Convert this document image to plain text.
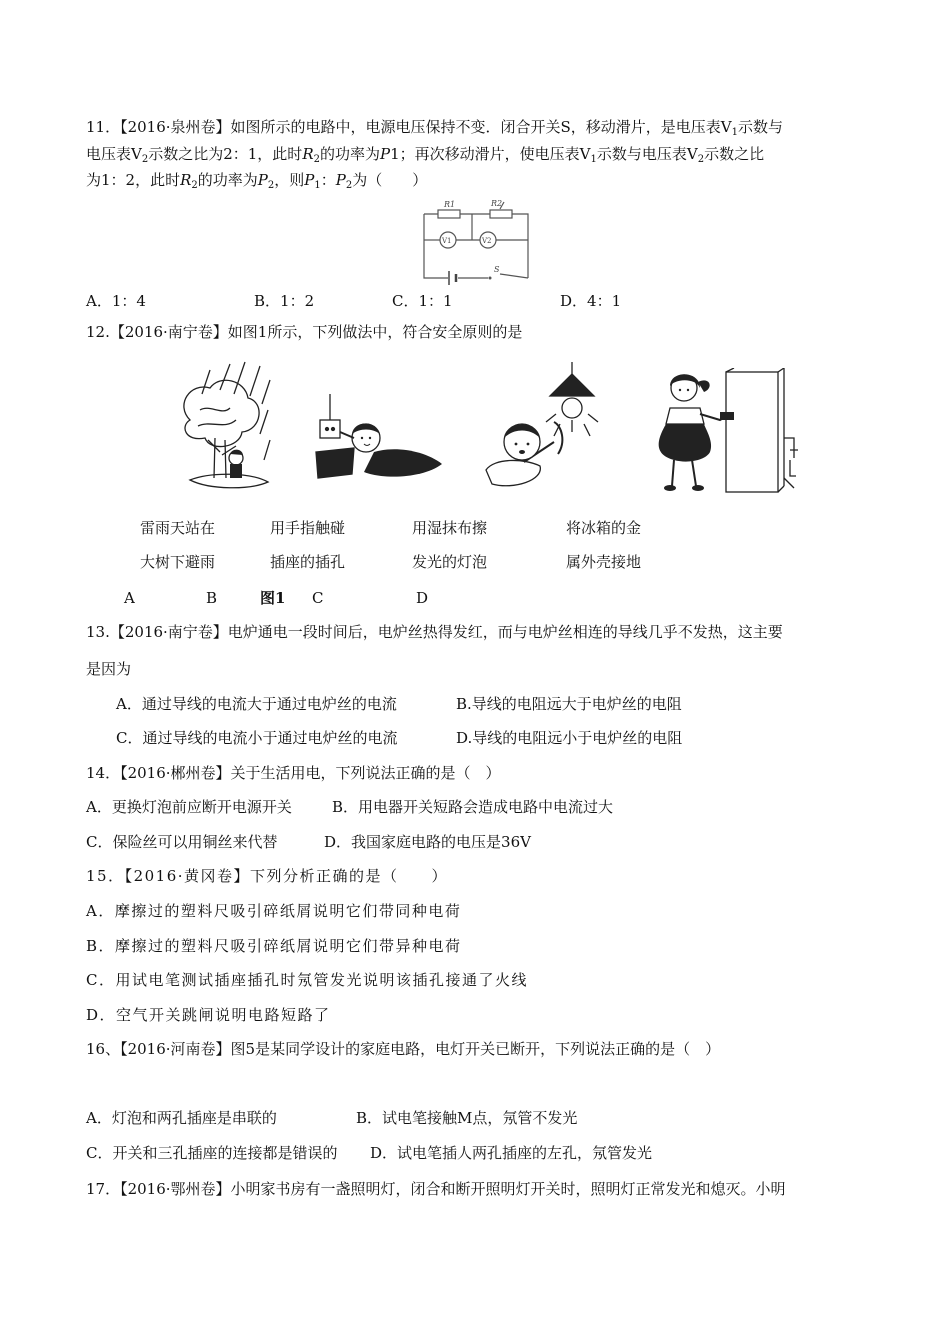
11．【2016·泉州卷】如图所示的电路中，电源电压保持不变．闭合开关S，移动滑片，是电压表$V_1$示数与
电压表$V_2$示数之比为2：1，此时$R_2$的功率为P1；再次移动滑片，使电压表$V_1$示数与电压表$V_2$示数之比
为1：2，此时$R_2$的功率为$P_2$，则$P_1$：$P_2$为（　　）
R1	R2
V1	V2
S
A．1：4	B．1：2	C．1：1	D．4：1
12.【2016·南宁卷】如图1所示，下列做法中，符合安全原则的是
雷雨天站在	用手指触碰	用湿抹布擦	将冰箱的金
大树下避雨	插座的插孔	发光的灯泡	属外壳接地
A	B	图1 C	D
13.【2016·南宁卷】电炉通电一段时间后，电炉丝热得发红，而与电炉丝相连的导线几乎不发热，这主要
是因为
A．通过导线的电流大于通过电炉丝的电流	B.导线的电阻远大于电炉丝的电阻
C．通过导线的电流小于通过电炉丝的电流	D.导线的电阻远小于电炉丝的电阻
14．【2016·郴州卷】关于生活用电，下列说法正确的是（　）
A．更换灯泡前应断开电源开关	B．用电器开关短路会造成电路中电流过大
C．保险丝可以用铜丝来代替	D．我国家庭电路的电压是36V
15．【2016·黄冈卷】下列分析正确的是（　　）
A．摩擦过的塑料尺吸引碎纸屑说明它们带同种电荷
B．摩擦过的塑料尺吸引碎纸屑说明它们带异种电荷
C．用试电笔测试插座插孔时氖管发光说明该插孔接通了火线
D．空气开关跳闸说明电路短路了
16、【2016·河南卷】图5是某同学设计的家庭电路，电灯开关已断开，下列说法正确的是（　）
A．灯泡和两孔插座是串联的	B．试电笔接触M点，氖管不发光
C．开关和三孔插座的连接都是错误的 D．试电笔插人两孔插座的左孔，氖管发光
17．【2016·鄂州卷】小明家书房有一盏照明灯，闭合和断开照明灯开关时，照明灯正常发光和熄灭。小明
